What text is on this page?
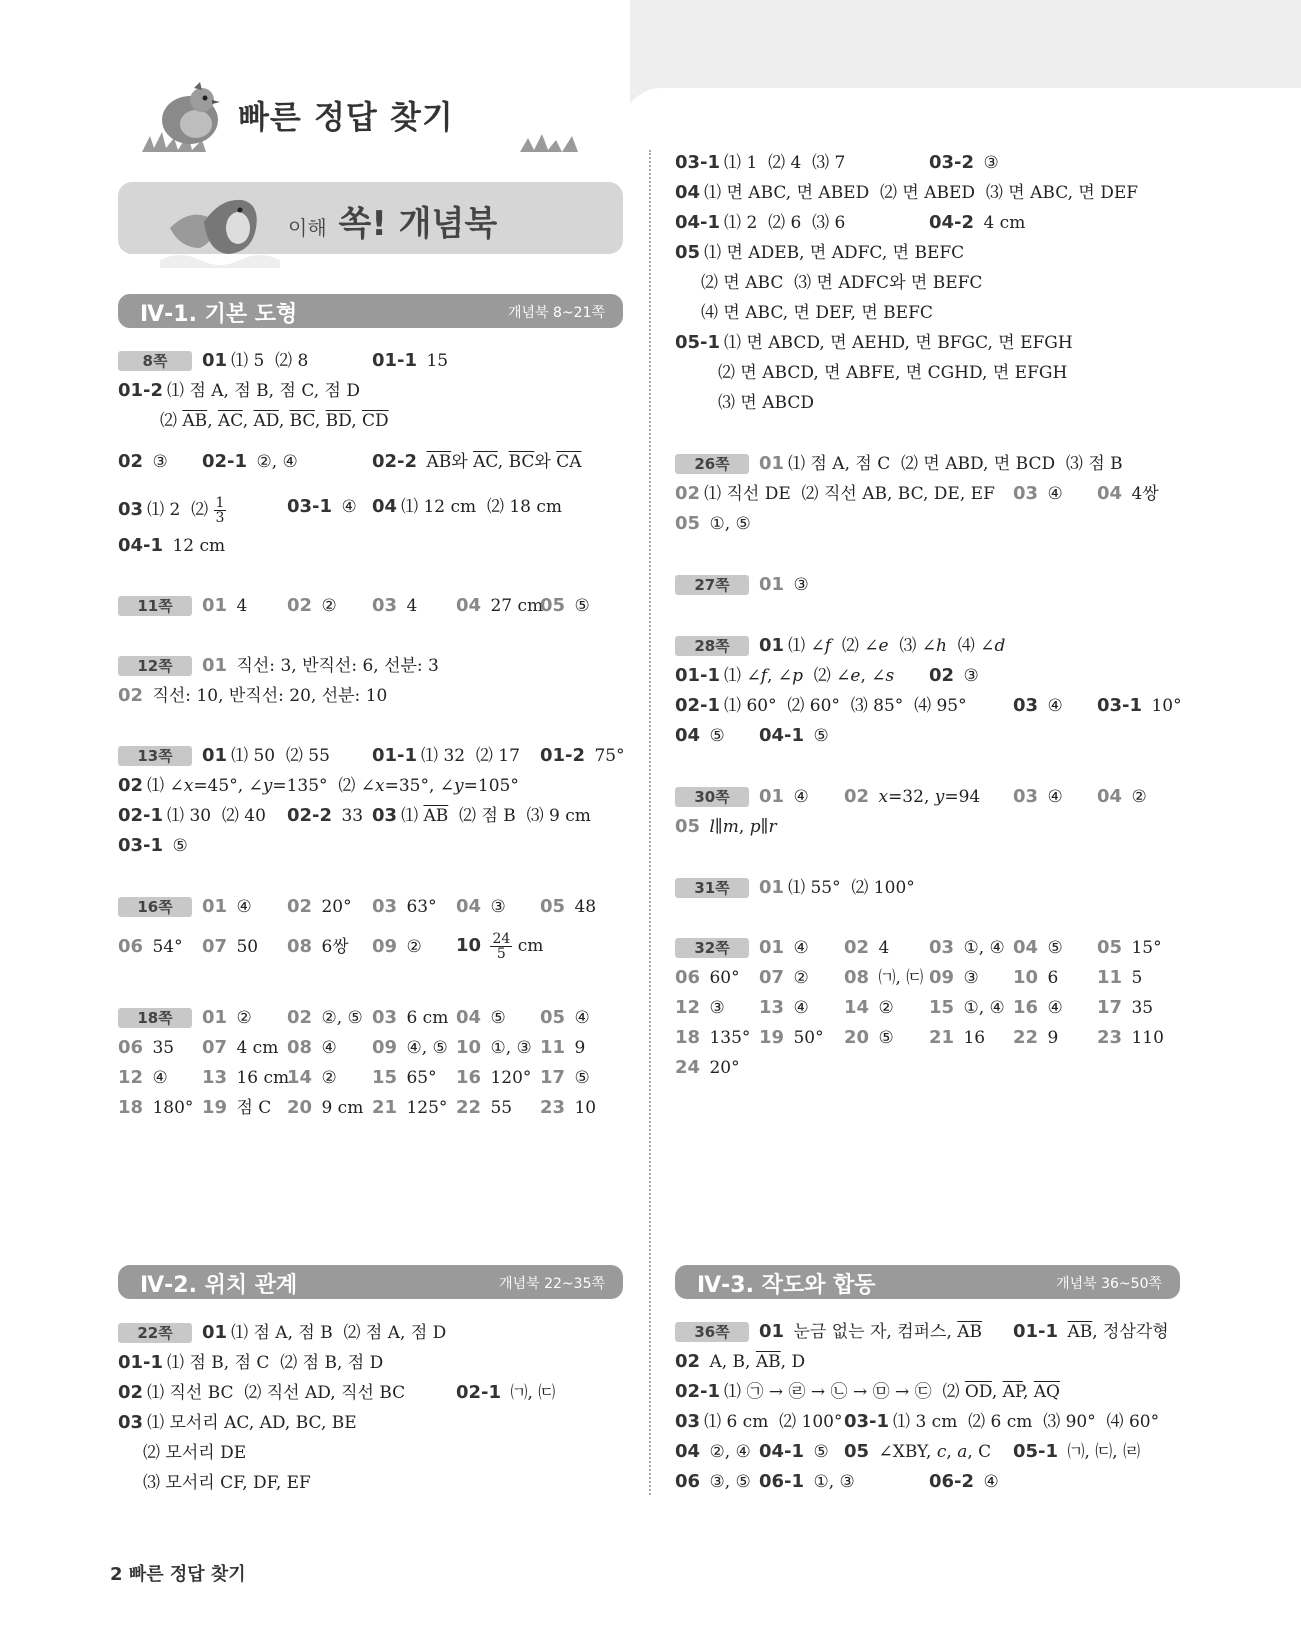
빠른 정답 찾기
이해 쏙! 개념북
Ⅳ-1. 기본 도형	개념북 8~21쪽
8쪽	01 ⑴ 5  ⑵ 8	01-1 15
01-2 ⑴ 점 A, 점 B, 점 C, 점 D
⑵ $\overline{AB}$, $\overline{AC}$, $\overline{AD}$, $\overline{BC}$, $\overline{BD}$, $\overline{CD}$
02 ③ 02-1 ②, ④	02-2 $\overline{AB}$와 $\overline{AC}$, $\overline{BC}$와 $\overline{CA}$
03 ⑴ 2  ⑵ $\frac{1}{3}$	03-1 ④ 04 ⑴ 12 cm  ⑵ 18 cm
04-1 12 cm
11쪽	01 4 02 ② 03 4 04 27 cm
05 ⑤
12쪽	01 직선: 3, 반직선: 6, 선분: 3
02 직선: 10, 반직선: 20, 선분: 10
13쪽	01 ⑴ 50  ⑵ 55 01-1 ⑴ 32  ⑵ 17 01-2 75°
02 ⑴ ∠x=45°, ∠y=135°  ⑵ ∠x=35°, ∠y=105°
02-1 ⑴ 30  ⑵ 40 02-2 33 03 ⑴ $\overline{AB}$  ⑵ 점 B  ⑶ 9 cm
03-1 ⑤
16쪽	01 ④ 02 20° 03 63° 04 ③ 05 48
06 54° 07 50 08 6쌍 09 ② $10 \frac{24}{5}$ cm
18쪽	01 ② 02 ②, ⑤ 03 6 cm 04 ⑤ 05 ④
06 35 07 4 cm 08 ④ 09 ④, ⑤ 10 ①, ③ 11 9
12 ④ 13 16 cm
14 ② 15 65° 16 120° 17 ⑤
18 180° 19 점 C 20 9 cm 21 125° 22 55 23 10
Ⅳ-2. 위치 관계	개념북 22~35쪽
22쪽	01 ⑴ 점 A, 점 B  ⑵ 점 A, 점 D
01-1 ⑴ 점 B, 점 C  ⑵ 점 B, 점 D
02 ⑴ 직선 BC  ⑵ 직선 AD, 직선 BC	02-1 ㈀, ㈂
03 ⑴ 모서리 AC, AD, BC, BE
⑵ 모서리 DE
⑶ 모서리 CF, DF, EF
03-1 ⑴ 1  ⑵ 4  ⑶ 7	03-2 ③
04 ⑴ 면 ABC, 면 ABED  ⑵ 면 ABED  ⑶ 면 ABC, 면 DEF
04-1 ⑴ 2  ⑵ 6  ⑶ 6	04-2 4 cm
05 ⑴ 면 ADEB, 면 ADFC, 면 BEFC
⑵ 면 ABC  ⑶ 면 ADFC와 면 BEFC
⑷ 면 ABC, 면 DEF, 면 BEFC
05-1 ⑴ 면 ABCD, 면 AEHD, 면 BFGC, 면 EFGH
⑵ 면 ABCD, 면 ABFE, 면 CGHD, 면 EFGH
⑶ 면 ABCD
26쪽	01 ⑴ 점 A, 점 C  ⑵ 면 ABD, 면 BCD  ⑶ 점 B
02 ⑴ 직선 DE  ⑵ 직선 AB, BC, DE, EF 03 ④ 04 4쌍
05 ①, ⑤
27쪽	01 ③
28쪽	01 ⑴ ∠f  ⑵ ∠e  ⑶ ∠h  ⑷ ∠d
01-1 ⑴ ∠f, ∠p  ⑵ ∠e, ∠s 02 ③
02-1 ⑴ 60°  ⑵ 60°  ⑶ 85°  ⑷ 95°	03 ④ 03-1 10°
04 ⑤ 04-1 ⑤
30쪽	01 ④ 02 x=32, y=94 03 ④ 04 ②
05 l∥m, p∥r
31쪽	01 ⑴ 55°  ⑵ 100°
32쪽	01 ④ 02 4 03 ①, ④ 04 ⑤ 05 15°
06 60° 07 ② 08 ㈀, ㈂ 09 ③ 10 6 11 5
12 ③ 13 ④ 14 ② 15 ①, ④ 16 ④ 17 35
18 135° 19 50° 20 ⑤ 21 16 22 9 23 110
24 20°
Ⅳ-3. 작도와 합동	개념북 36~50쪽
36쪽	01 눈금 없는 자, 컴퍼스, $\overline{AB}$ 01-1 $\overline{AB}$, 정삼각형
02 A, B, $\overline{AB}$, D
02-1 ⑴ ㉠ → ㉣ → ㉡ → ㉤ → ㉢  ⑵ $\overline{OD}$, $\overline{AP}$, $\overline{AQ}$
03 ⑴ 6 cm  ⑵ 100° 03-1 ⑴ 3 cm  ⑵ 6 cm  ⑶ 90°  ⑷ 60°
04 ②, ④ 04-1 ⑤ 05 ∠XBY, c, a, C 05-1 ㈀, ㈂, ㈃
06 ③, ⑤ 06-1 ①, ③	06-2 ④
2 빠른 정답 찾기
